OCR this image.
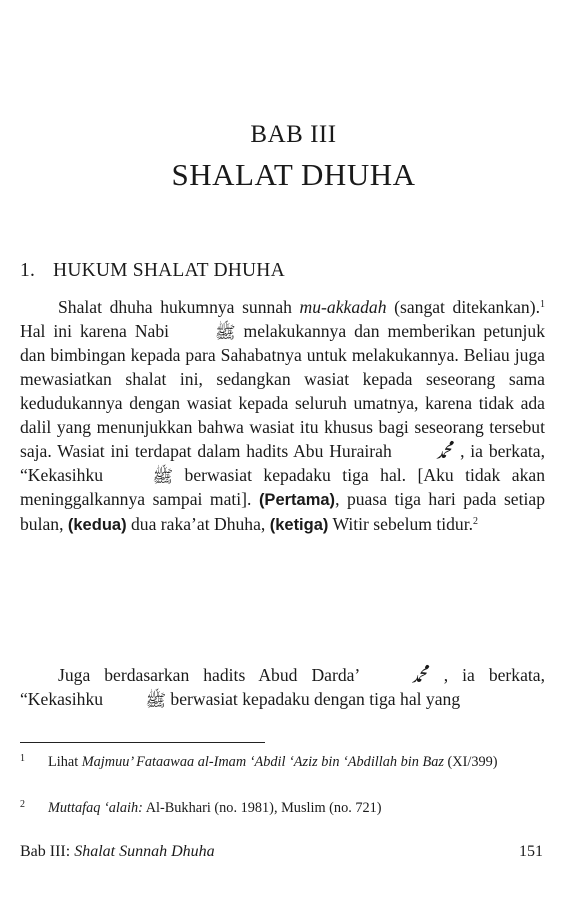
BAB III
SHALAT DHUHA
1. HUKUM SHALAT DHUHA

Shalat dhuha hukumnya sunnah mu-akkadah (sangat ditekankan).$^1$ Hal ini karena Nabi ﷺ melakukannya dan memberikan petunjuk dan bimbingan kepada para Sahabatnya untuk melakukannya. Beliau juga mewasiatkan shalat ini, sedangkan wasiat kepada seseorang sama kedudukannya dengan wasiat kepada seluruh umatnya, karena tidak ada dalil yang menunjukkan bahwa wasiat itu khusus bagi seseorang tersebut saja. Wasiat ini terdapat dalam hadits Abu Hurairah ﷴ , ia berkata, “Kekasihku ﷺ berwasiat kepadaku tiga hal. [Aku tidak akan meninggalkannya sampai mati]. (Pertama), puasa tiga hari pada setiap bulan, (kedua) dua raka’at Dhuha, (ketiga) Witir sebelum tidur.$^2$

Juga berdasarkan hadits Abud Darda’ ﷴ , ia berkata, “Kekasihku ﷺ berwasiat kepadaku dengan tiga hal yang

1 Lihat Majmuu’ Fataawaa al-Imam ‘Abdil ‘Aziz bin ‘Abdillah bin Baz (XI/399)
2 Muttafaq ‘alaih: Al-Bukhari (no. 1981), Muslim (no. 721)
Bab III: Shalat Sunnah Dhuha	151
